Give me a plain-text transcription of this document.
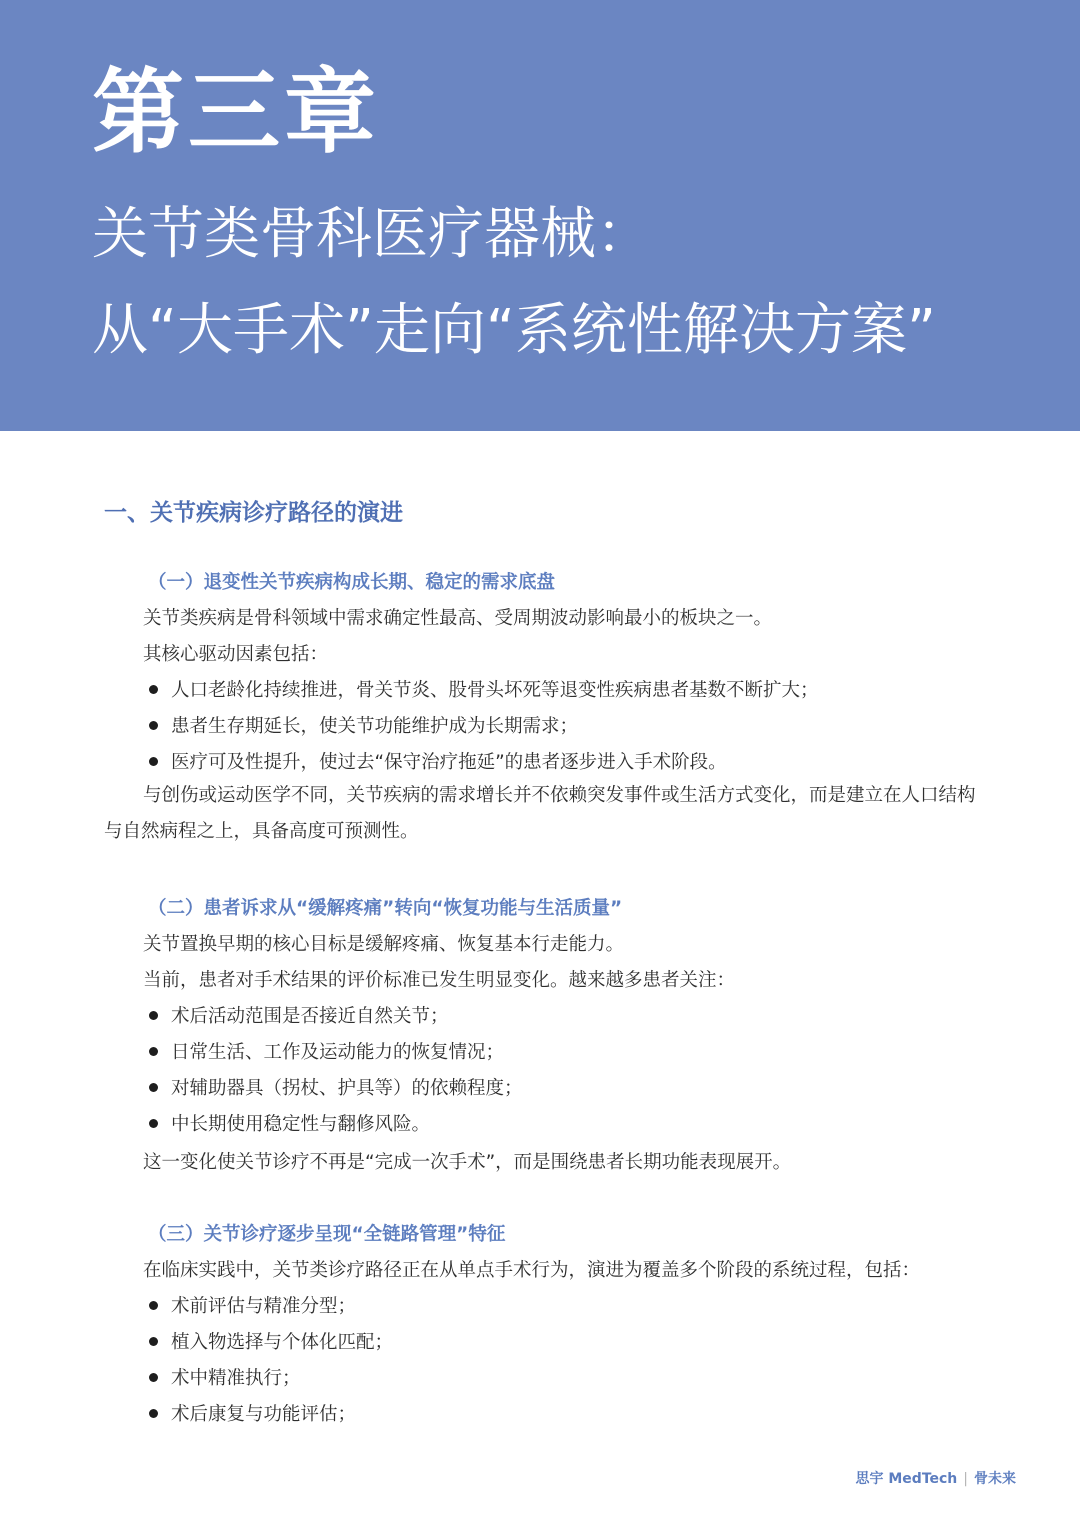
第三章
关节类骨科医疗器械：
从“大手术”走向“系统性解决方案”
一、关节疾病诊疗路径的演进
（一）退变性关节疾病构成长期、稳定的需求底盘
关节类疾病是骨科领域中需求确定性最高、受周期波动影响最小的板块之一。
其核心驱动因素包括：
人口老龄化持续推进，骨关节炎、股骨头坏死等退变性疾病患者基数不断扩大；
患者生存期延长，使关节功能维护成为长期需求；
医疗可及性提升，使过去“保守治疗拖延”的患者逐步进入手术阶段。
与创伤或运动医学不同，关节疾病的需求增长并不依赖突发事件或生活方式变化，而是建立在人口结构与自然病程之上，具备高度可预测性。
（二）患者诉求从“缓解疼痛”转向“恢复功能与生活质量”
关节置换早期的核心目标是缓解疼痛、恢复基本行走能力。
当前，患者对手术结果的评价标准已发生明显变化。越来越多患者关注：
术后活动范围是否接近自然关节；
日常生活、工作及运动能力的恢复情况；
对辅助器具（拐杖、护具等）的依赖程度；
中长期使用稳定性与翻修风险。
这一变化使关节诊疗不再是“完成一次手术”，而是围绕患者长期功能表现展开。
（三）关节诊疗逐步呈现“全链路管理”特征
在临床实践中，关节类诊疗路径正在从单点手术行为，演进为覆盖多个阶段的系统过程，包括：
术前评估与精准分型；
植入物选择与个体化匹配；
术中精准执行；
术后康复与功能评估；
思宇 MedTech | 骨未来
